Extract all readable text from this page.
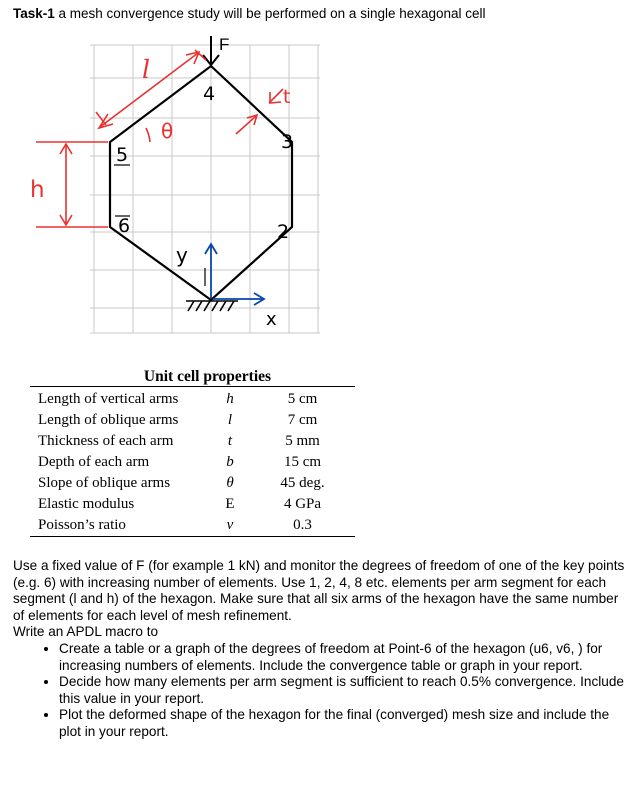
Task-1 a mesh convergence study will be performed on a single hexagonal cell
F
l
θ
t
h
4
5
3
6	2
y
x
Unit cell properties
Length of vertical arms	h	5 cm
Length of oblique arms	l	7 cm
Thickness of each arm	t	5 mm
Depth of each arm	b	15 cm
Slope of oblique arms	θ	45 deg.
Elastic modulus	E	4 GPa
Poisson’s ratio	ν	0.3

Use a fixed value of F (for example 1 kN) and monitor the degrees of freedom of one of the key points (e.g. 6) with increasing number of elements. Use 1, 2, 4, 8 etc. elements per arm segment for each segment (l and h) of the hexagon. Make sure that all six arms of the hexagon have the same number of elements for each level of mesh refinement.

Write an APDL macro to

• Create a table or a graph of the degrees of freedom at Point-6 of the hexagon (u6, v6, ) for increasing numbers of elements. Include the convergence table or graph in your report.
• Decide how many elements per arm segment is sufficient to reach 0.5% convergence. Include this value in your report.
• Plot the deformed shape of the hexagon for the final (converged) mesh size and include the plot in your report.
